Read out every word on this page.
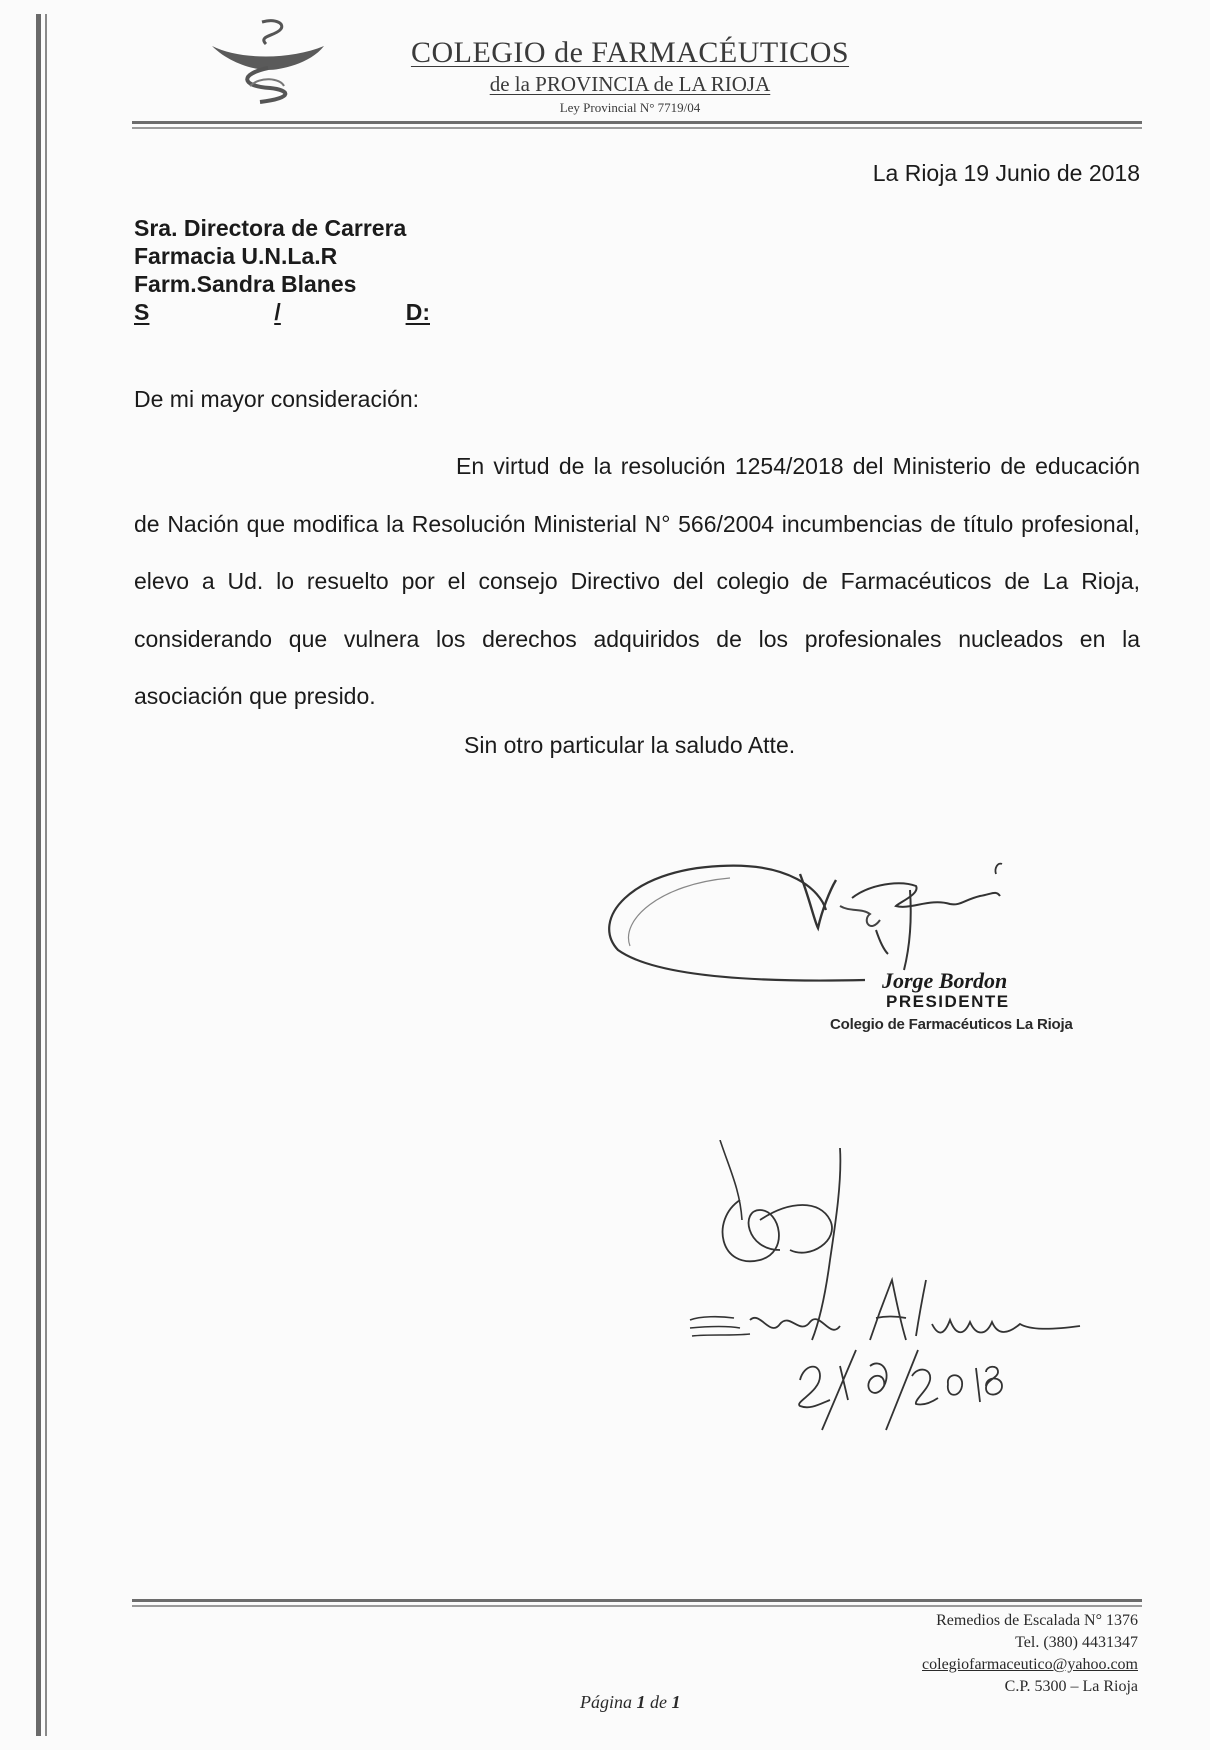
COLEGIO de FARMACÉUTICOS
de la PROVINCIA de LA RIOJA
Ley Provincial N° 7719/04
La Rioja 19 Junio de 2018
Sra. Directora de Carrera
Farmacia U.N.La.R
Farm.Sandra Blanes
S	/	D:
De mi mayor consideración:
En virtud de la resolución 1254/2018 del Ministerio de educación de Nación que modifica la Resolución Ministerial N° 566/2004 incumbencias de título profesional, elevo a Ud. lo resuelto por el consejo Directivo del colegio de Farmacéuticos de La Rioja, considerando que vulnera los derechos adquiridos de los profesionales nucleados en la asociación que presido.
Sin otro particular la saludo Atte.
Jorge Bordon
PRESIDENTE
Colegio de Farmacéuticos La Rioja
Remedios de Escalada N° 1376
Tel. (380) 4431347
colegiofarmaceutico@yahoo.com
C.P. 5300 – La Rioja
Página 1 de 1
